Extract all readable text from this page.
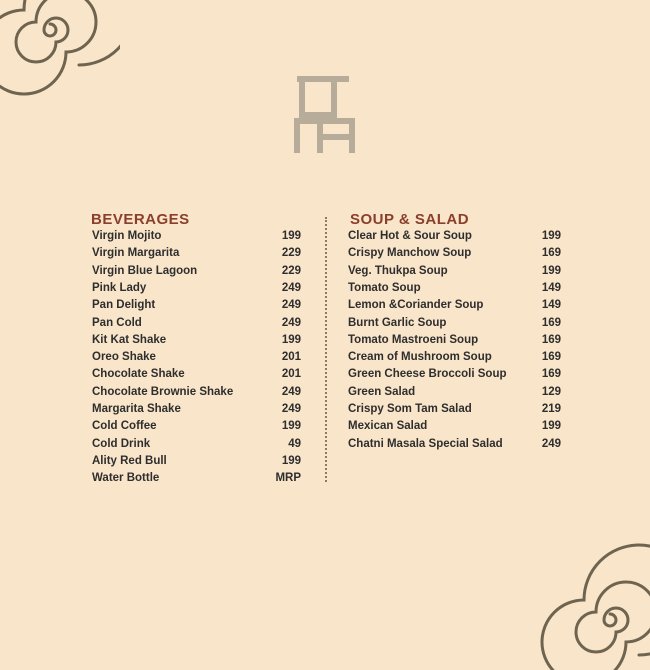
BEVERAGES	SOUP & SALAD
Virgin Mojito	199
Virgin Margarita	229
Virgin Blue Lagoon	229
Pink Lady	249
Pan Delight	249
Pan Cold	249
Kit Kat Shake	199
Oreo Shake	201
Chocolate Shake	201
Chocolate Brownie Shake	249
Margarita Shake	249
Cold Coffee	199
Cold Drink	49
Ality Red Bull	199
Water Bottle	MRP
Clear Hot & Sour Soup	199
Crispy Manchow Soup	169
Veg. Thukpa Soup	199
Tomato Soup	149
Lemon &Coriander Soup	149
Burnt Garlic Soup	169
Tomato Mastroeni Soup	169
Cream of Mushroom Soup	169
Green Cheese Broccoli Soup	169
Green Salad	129
Crispy Som Tam Salad	219
Mexican Salad	199
Chatni Masala Special Salad	249
